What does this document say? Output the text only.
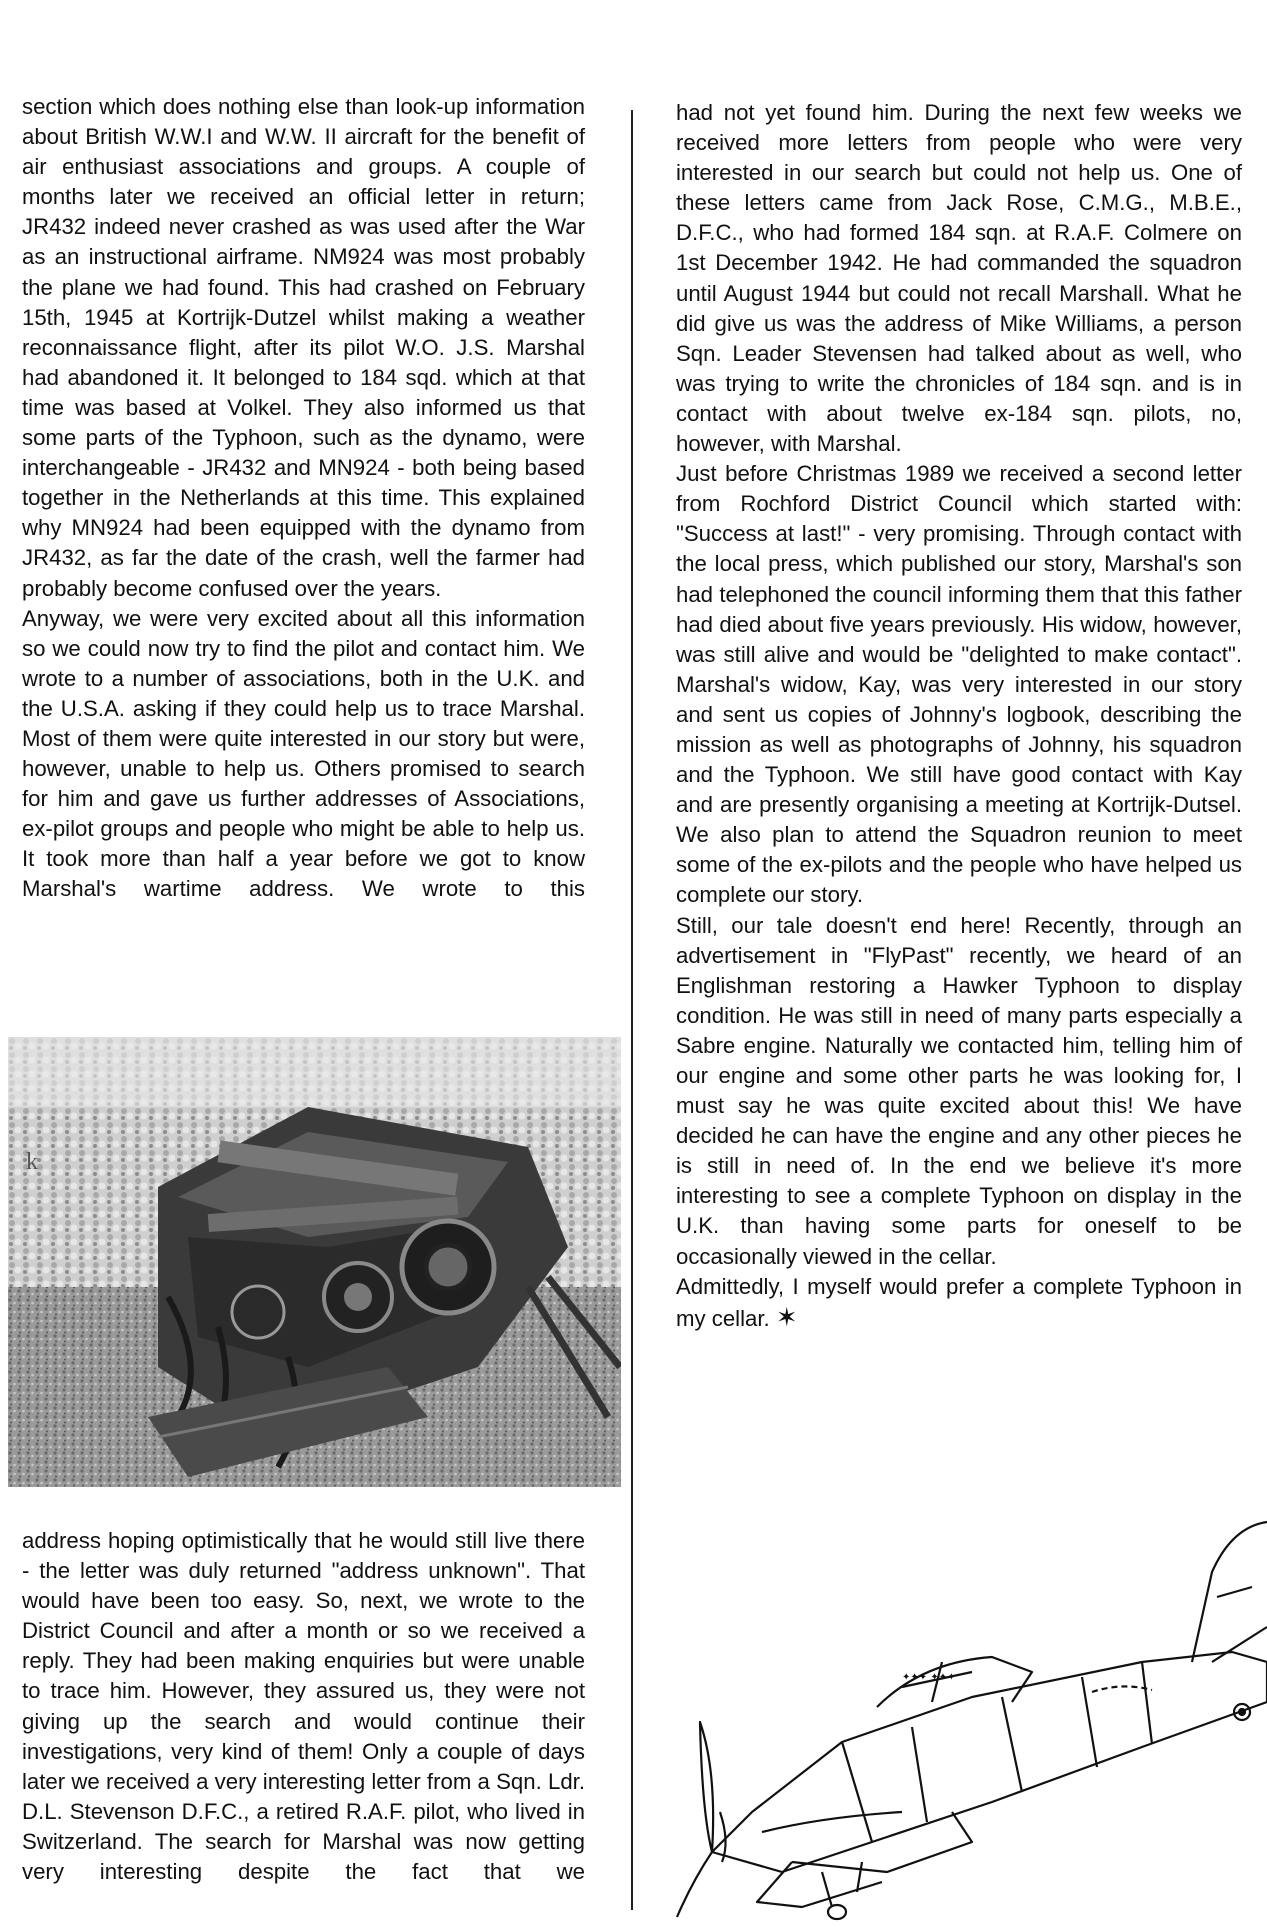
section which does nothing else than look-up information about British W.W.I and W.W. II aircraft for the benefit of air enthusiast associations and groups. A couple of months later we received an official letter in return; JR432 indeed never crashed as was used after the War as an instructional airframe. NM924 was most probably the plane we had found. This had crashed on February 15th, 1945 at Kortrijk-Dutzel whilst making a weather reconnaissance flight, after its pilot W.O. J.S. Marshal had abandoned it. It belonged to 184 sqd. which at that time was based at Volkel. They also informed us that some parts of the Typhoon, such as the dynamo, were interchangeable - JR432 and MN924 - both being based together in the Netherlands at this time. This explained why MN924 had been equipped with the dynamo from JR432, as far the date of the crash, well the farmer had probably become confused over the years.

Anyway, we were very excited about all this information so we could now try to find the pilot and contact him. We wrote to a number of associations, both in the U.K. and the U.S.A. asking if they could help us to trace Marshal. Most of them were quite interested in our story but were, however, unable to help us. Others promised to search for him and gave us further addresses of Associations, ex-pilot groups and people who might be able to help us. It took more than half a year before we got to know Marshal's wartime address. We wrote to this

k

address hoping optimistically that he would still live there - the letter was duly returned "address unknown". That would have been too easy. So, next, we wrote to the District Council and after a month or so we received a reply. They had been making enquiries but were unable to trace him. However, they assured us, they were not giving up the search and would continue their investigations, very kind of them! Only a couple of days later we received a very interesting letter from a Sqn. Ldr. D.L. Stevenson D.F.C., a retired R.A.F. pilot, who lived in Switzerland. The search for Marshal was now getting very interesting despite the fact that we

had not yet found him. During the next few weeks we received more letters from people who were very interested in our search but could not help us. One of these letters came from Jack Rose, C.M.G., M.B.E., D.F.C., who had formed 184 sqn. at R.A.F. Colmere on 1st December 1942. He had commanded the squadron until August 1944 but could not recall Marshall. What he did give us was the address of Mike Williams, a person Sqn. Leader Stevensen had talked about as well, who was trying to write the chronicles of 184 sqn. and is in contact with about twelve ex-184 sqn. pilots, no, however, with Marshal.

Just before Christmas 1989 we received a second letter from Rochford District Council which started with: "Success at last!" - very promising. Through contact with the local press, which published our story, Marshal's son had telephoned the council informing them that this father had died about five years previously. His widow, however, was still alive and would be "delighted to make contact". Marshal's widow, Kay, was very interested in our story and sent us copies of Johnny's logbook, describing the mission as well as photographs of Johnny, his squadron and the Typhoon. We still have good contact with Kay and are presently organising a meeting at Kortrijk-Dutsel. We also plan to attend the Squadron reunion to meet some of the ex-pilots and the people who have helped us complete our story.

Still, our tale doesn't end here! Recently, through an advertisement in "FlyPast" recently, we heard of an Englishman restoring a Hawker Typhoon to display condition. He was still in need of many parts especially a Sabre engine. Naturally we contacted him, telling him of our engine and some other parts he was looking for, I must say he was quite excited about this! We have decided he can have the engine and any other pieces he is still in need of. In the end we believe it's more interesting to see a complete Typhoon on display in the U.K. than having some parts for oneself to be occasionally viewed in the cellar.

Admittedly, I myself would prefer a complete Typhoon in my cellar. ✶

✦✦✦ ✦✦✦
